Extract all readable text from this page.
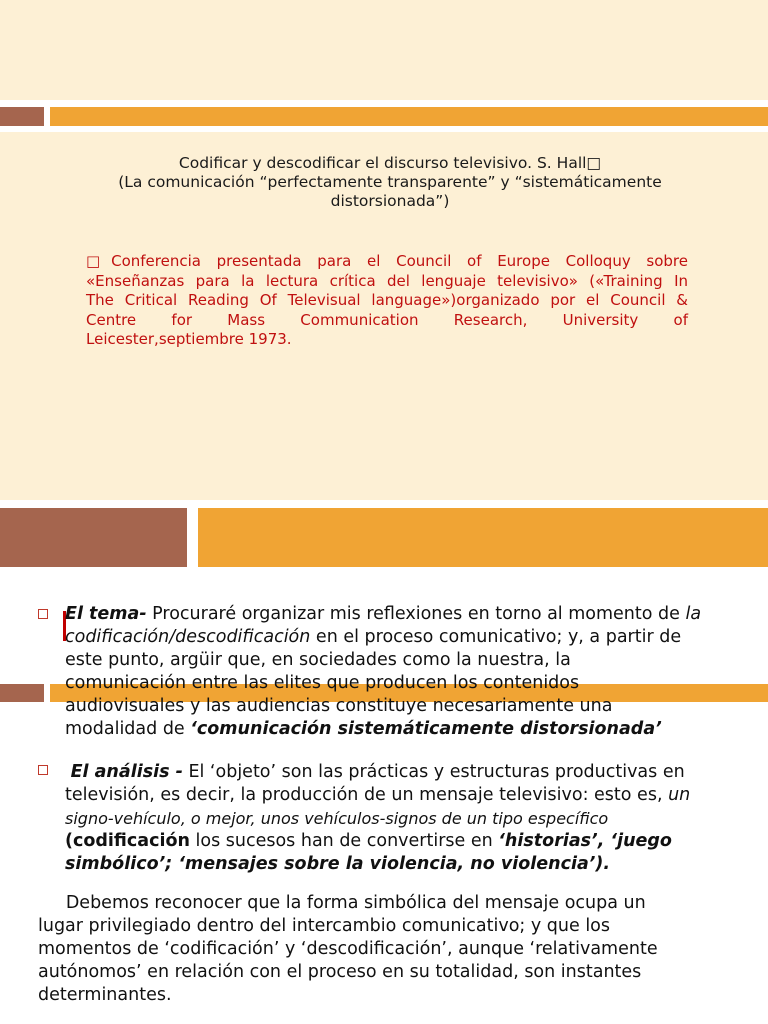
Codificar y descodificar el discurso televisivo. S. Hall□
(La comunicación “perfectamente transparente” y “sistemáticamente
distorsionada”)
□Conferencia presentada para el Council of Europe Colloquy sobre
«Enseñanzas para la lectura crítica del lenguaje televisivo» («Training In
The Critical Reading Of Televisual language»)organizado por el Council &
Centre for Mass Communication Research, University of
Leicester,septiembre 1973.
El tema- Procuraré organizar mis reflexiones en torno al momento de la
codificación/descodificación en el proceso comunicativo; y, a partir de
este punto, argüir que, en sociedades como la nuestra, la
comunicación entre las elites que producen los contenidos
audiovisuales y las audiencias constituye necesariamente una
modalidad de ‘comunicación sistemáticamente distorsionada’
El análisis - El ‘objeto’ son las prácticas y estructuras productivas en
televisión, es decir, la producción de un mensaje televisivo: esto es, un
signo-vehículo, o mejor, unos vehículos-signos de un tipo específico
(codificación los sucesos han de convertirse en ‘historias’, ‘juego
simbólico’; ‘mensajes sobre la violencia, no violencia’).
Debemos reconocer que la forma simbólica del mensaje ocupa un
lugar privilegiado dentro del intercambio comunicativo; y que los
momentos de ‘codificación’ y ‘descodificación’, aunque ‘relativamente
autónomos’ en relación con el proceso en su totalidad, son instantes
determinantes.
